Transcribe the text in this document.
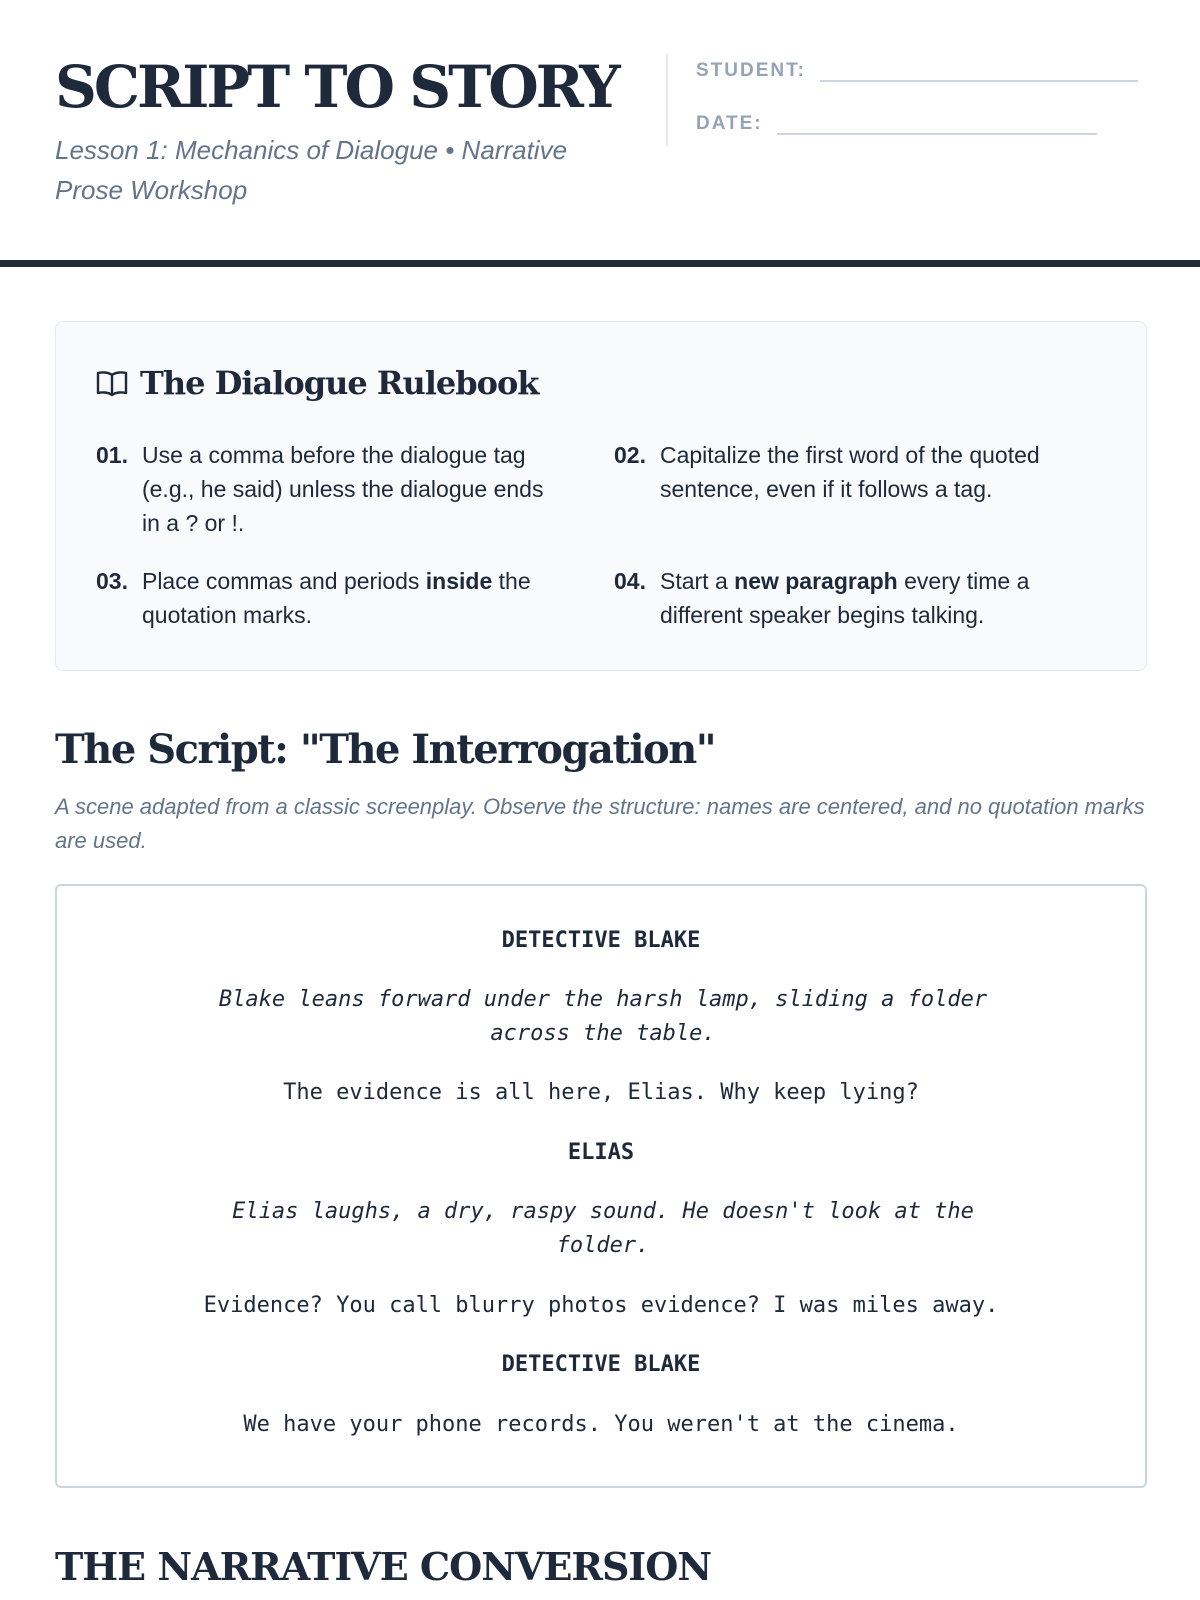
SCRIPT TO STORY
Lesson 1: Mechanics of Dialogue • Narrative Prose Workshop
STUDENT:
DATE:
The Dialogue Rulebook
01. Use a comma before the dialogue tag (e.g., he said) unless the dialogue ends in a ? or !.
02. Capitalize the first word of the quoted sentence, even if it follows a tag.
03. Place commas and periods inside the quotation marks.
04. Start a new paragraph every time a different speaker begins talking.
The Script: "The Interrogation"
A scene adapted from a classic screenplay. Observe the structure: names are centered, and no quotation marks are used.
DETECTIVE BLAKE
Blake leans forward under the harsh lamp, sliding a folder across the table.
The evidence is all here, Elias. Why keep lying?
ELIAS
Elias laughs, a dry, raspy sound. He doesn't look at the folder.
Evidence? You call blurry photos evidence? I was miles away.
DETECTIVE BLAKE
We have your phone records. You weren't at the cinema.
THE NARRATIVE CONVERSION
